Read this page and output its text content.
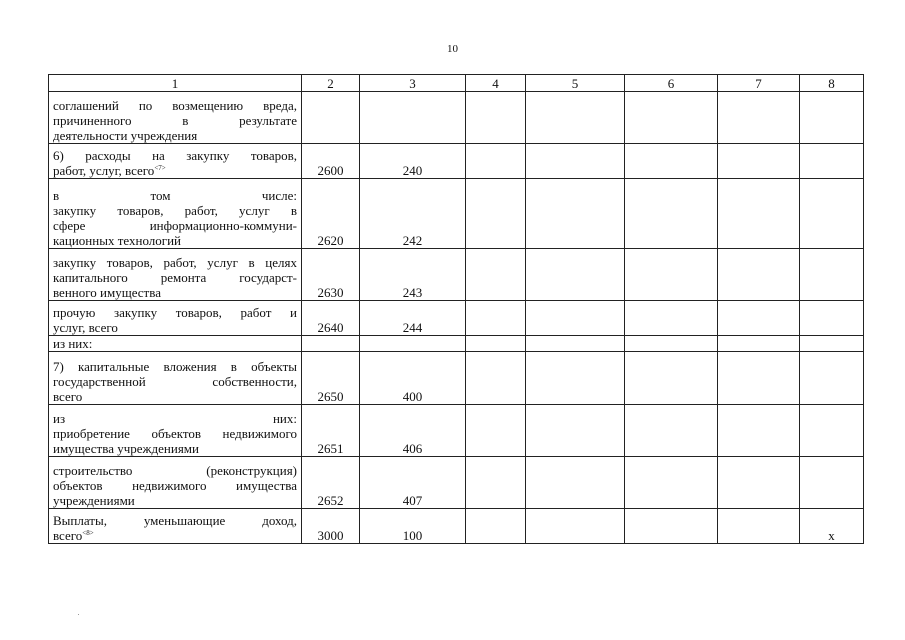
10
1	2	3	4	5	6	7	8

соглашений по возмещению вреда,
причиненного в результате
деятельности учреждения							

6) расходы на закупку товаров,
работ, услуг, всего$^{<7>}$	2600	240					

в том числе:
закупку товаров, работ, услуг в
сфере информационно-коммуни-
кационных технологий	2620	242					

закупку товаров, работ, услуг в целях
капитального ремонта государст-
венного имущества	2630	243					

прочую закупку товаров, работ и
услуг, всего	2640	244					

из них:							

7) капитальные вложения в объекты
государственной собственности,
всего	2650	400					

из них:
приобретение объектов недвижимого
имущества учреждениями	2651	406					

строительство (реконструкция)
объектов недвижимого имущества
учреждениями	2652	407					

Выплаты, уменьшающие доход,
всего$^{<8>}$	3000	100					x
